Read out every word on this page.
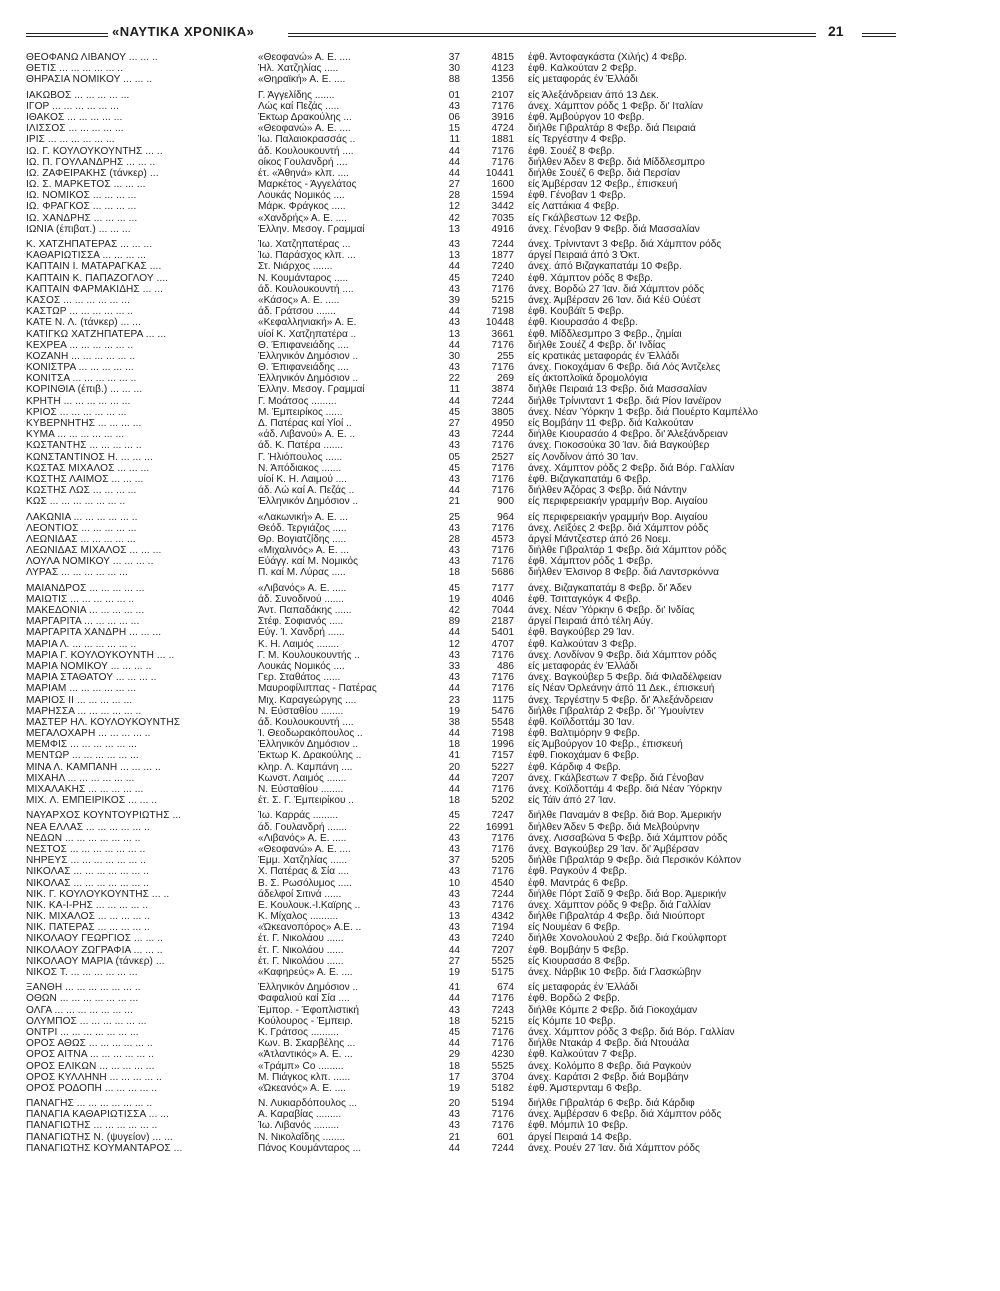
«ΝΑΥΤΙΚΑ ΧΡΟΝΙΚΑ»	21
ΘΕΟΦΑΝΩ ΛΙΒΑΝΟΥ ... ... ..	«Θεοφανώ» Α. Ε. ....	37	4815 έφθ. Άντοφαγκάστα (Χιλής) 4 Φεβρ.
ΘΕΤΙΣ ... ... ... ... ... ..	Ήλ. Χατζηλίας .....	30	4123 έφθ. Καλκούταν 2 Φεβρ.
ΘΗΡΑΣΙΑ ΝΟΜΙΚΟΥ ... ... ..	«Θηραϊκή» Α. Ε. ....	88	1356 είς μεταφοράς έν Έλλάδι
ΙΑΚΩΒΟΣ ... ... ... ... ...	Γ. Άγγελίδης .......	01	2107 είς Άλεξάνδρειαν άπό 13 Δεκ.
ΙΓΟΡ ... ... ... ... ... ...	Λώς καί Πεζάς .....	43	7176 άνεχ. Χάμπτον ρόδς 1 Φεβρ. δι' Ιταλίαν
ΙΘΑΚΟΣ ... ... ... ... ...	Έκτωρ Δρακούλης ...	06	3916 έφθ. Άμβούργον 10 Φεβρ.
ΙΛΙΣΣΟΣ ... ... ... ... ...	«Θεοφανώ» Α. Ε. ....	15	4724 διήλθε Γιβραλτάρ 8 Φεβρ. διά Πειραιά
ΙΡΙΣ ... ... ... ... ... ...	Ίω. Παλαιοκρασσάς ..	11	1881 είς Τεργέστην 4 Φεβρ.
ΙΩ. Γ. ΚΟΥΛΟΥΚΟΥΝΤΗΣ ... ..	άδ. Κουλουκουντή ....	44	7176 έφθ. Σουέζ 8 Φεβρ.
ΙΩ. Π. ΓΟΥΛΑΝΔΡΗΣ ... ... ..	οίκος Γουλανδρή ....	44	7176 διήλθεν Άδεν 8 Φεβρ. διά Μίδδλεσμπρο
ΙΩ. ΖΑΦΕΙΡΑΚΗΣ (τάνκερ) ...	έτ. «Άθηνά» κλπ. ....	44	10441 διήλθε Σουέζ 6 Φεβρ. διά Περσίαν
ΙΩ. Σ. ΜΑΡΚΕΤΟΣ ... ... ...	Μαρκέτος - Άγγελάτος	27	1600 είς Άμβέρσαν 12 Φεβρ., έπισκευή
ΙΩ. ΝΟΜΙΚΟΣ ... ... ... ...	Λουκάς Νομικός ....	28	1594 έφθ. Γένοβαν 1 Φεβρ.
ΙΩ. ΦΡΑΓΚΟΣ ... ... ... ...	Μάρκ. Φράγκος .....	12	3442 είς Λαττάκια 4 Φεβρ.
ΙΩ. ΧΑΝΔΡΗΣ ... ... ... ...	«Χανδρής» Α. Ε. ....	42	7035 είς Γκάλβεστων 12 Φεβρ.
ΙΩΝΙΑ (έπιβατ.) ... ... ...	Έλλην. Μεσογ. Γραμμαί	13	4916 άνεχ. Γένοβαν 9 Φεβρ. διά Μασσαλίαν
Κ. ΧΑΤΖΗΠΑΤΕΡΑΣ ... ... ...	Ίω. Χατζηπατέρας ...	43	7244 άνεχ. Τρίνινταντ 3 Φεβρ. διά Χάμπτον ρόδς
ΚΑΘΑΡΙΩΤΙΣΣΑ ... ... ... ...	Ίω. Παράσχος κλπ. ...	13	1877 άργεί Πειραιά άπό 3 Όκτ.
ΚΑΠΤΑΙΝ Ι. ΜΑΤΑΡΑΓΚΑΣ ....	Στ. Νιάρχος .......	44	7240 άνεχ. άπό Βιζαγκαπατάμ 10 Φεβρ.
ΚΑΠΤΑΙΝ Κ. ΠΑΠΑΖΟΓΛΟΥ ....	Ν. Κουμάνταρος .....	45	7240 έφθ. Χάμπτον ρόδς 8 Φεβρ.
ΚΑΠΤΑΙΝ ΦΑΡΜΑΚΙΔΗΣ ... ...	άδ. Κουλουκουντή ....	43	7176 άνεχ. Βορδώ 27 Ίαν. διά Χάμπτον ρόδς
ΚΑΣΟΣ ... ... ... ... ... ...	«Κάσος» Α. Ε. .....	39	5215 άνεχ. Άμβέρσαν 26 Ίαν. διά Κέϋ Ούέστ
ΚΑΣΤΩΡ ... ... ... ... ... ..	άδ. Γράτσου .......	44	7198 έφθ. Κουβάϊτ 5 Φεβρ.
ΚΑΤΕ Ν. Λ. (τάνκερ) ... ...	«Κεφαλληνιακή» Α. Ε.	43	10448 έφθ. Κιουρασάο 4 Φεβρ.
ΚΑΤΙΓΚΩ ΧΑΤΖΗΠΑΤΕΡΑ ... ...	υίοί Κ. Χατζηπατέρα ..	13	3661 έφθ. Μίδδλεσμπρο 3 Φεβρ., ζημίαι
ΚΕΧΡΕΑ ... ... ... ... ... ..	Θ. Έπιφανειάδης ....	44	7176 διήλθε Σουέζ 4 Φεβρ. δι' Ινδίας
ΚΟΖΑΝΗ ... ... ... ... ... ..	Έλληνικόν Δημόσιον ..	30	255 είς κρατικάς μεταφοράς έν Έλλάδι
ΚΟΝΙΣΤΡΑ ... ... ... ... ...	Θ. Έπιφανειάδης ....	43	7176 άνεχ. Γιοκοχάμαν 6 Φεβρ. διά Λός Άντζελες
ΚΟΝΙΤΣΑ ... ... ... ... ... ..	Έλληνικόν Δημόσιον ..	22	269 είς άκτοπλοϊκά δρομολόγια
ΚΟΡΙΝΘΙΑ (έπιβ.) ... ... ...	Έλλην. Μεσογ. Γραμμαί	11	3874 διήλθε Πειραιά 13 Φεβρ. διά Μασσαλίαν
ΚΡΗΤΗ ... ... ... ... ... ...	Γ. Μοάτσος .........	44	7244 διήλθε Τρίνινταντ 1 Φεβρ. διά Ρίον Ιανέϊρον
ΚΡΙΟΣ ... ... ... ... ... ...	Μ. Έμπειρίκος ......	45	3805 άνεχ. Νέαν Ύόρκην 1 Φεβρ. διά Πουέρτο Καμπέλλο
ΚΥΒΕΡΝΗΤΗΣ ... ... ... ...	Δ. Πατέρας καί Υίοί ..	27	4950 είς Βομβάην 11 Φεβρ. διά Καλκούταν
ΚΥΜΑ ... ... ... ... ... ...	«άδ. Λιβανού» Α. Ε. ..	43	7244 διήλθε Κιουρασάο 4 Φεβρο. δι' Άλεξάνδρειαν
ΚΩΣΤΑΝΤΗΣ ... ... ... ... ..	άδ. Κ. Πατέρα .......	43	7176 άνεχ. Γιοκοσούκα 30 Ίαν. διά Βαγκούβερ
ΚΩΝΣΤΑΝΤΙΝΟΣ Η. ... ... ...	Γ. Ήλιόπουλος ......	05	2527 είς Λονδίνον άπό 30 Ίαν.
ΚΩΣΤΑΣ ΜΙΧΑΛΟΣ ... ... ...	Ν. Άπόδιακος .......	45	7176 άνεχ. Χάμπτον ρόδς 2 Φεβρ. διά Βόρ. Γαλλίαν
ΚΩΣΤΗΣ ΛΑΙΜΟΣ ... ... ...	υίοί Κ. Η. Λαιμού ....	43	7176 έφθ. Βιζαγκαπατάμ 6 Φεβρ.
ΚΩΣΤΗΣ ΛΩΣ ... ... ... ...	άδ. Λώ καί Α. Πεζάς ..	44	7176 διήλθεν Άζόρας 3 Φεβρ. διά Νάντην
ΚΩΣ ... ... ... ... ... ... ..	Έλληνικόν Δημόσιον ..	21	900 είς περιφερειακήν γραμμήν Βορ. Αιγαίου
ΛΑΚΩΝΙΑ ... ... ... ... ... ..	«Λακωνική» Α. Ε. ...	25	964 είς περιφερειακήν γραμμήν Βορ. Αιγαίου
ΛΕΟΝΤΙΟΣ ... ... ... ... ...	Θεόδ. Τεργιάζος .....	43	7176 άνεχ. Λεϊξόες 2 Φεβρ. διά Χάμπτον ρόδς
ΛΕΩΝΙΔΑΣ ... ... ... ... ...	Θρ. Βογιατζίδης .....	28	4573 άργεί Μάντζεστερ άπό 26 Νοεμ.
ΛΕΩΝΙΔΑΣ ΜΙΧΑΛΟΣ ... ... ...	«Μιχαλινός» Α. Ε. ...	43	7176 διήλθε Γιβραλτάρ 1 Φεβρ. διά Χάμπτον ρόδς
ΛΟΥΛΑ ΝΟΜΙΚΟΥ ... ... ... ..	Εύάγγ. καί Μ. Νομικός	43	7176 έφθ. Χάμπτον ρόδς 1 Φεβρ.
ΛΥΡΑΣ ... ... ... ... ... ...	Π. καί Μ. Λύρας .....	18	5686 διήλθεν Έλσινορ 8 Φεβρ. διά Λαντσρκόννα
ΜΑΙΑΝΔΡΟΣ ... ... ... ... ...	«Λιβανός» Α. Ε. .....	45	7177 άνεχ. Βιζαγκαπατάμ 8 Φεβρ. δι' Άδεν
ΜΑΙΩΤΙΣ ... ... ... ... ... ..	άδ. Συνοδινού .......	19	4046 έφθ. Τσιτταγκόγκ 4 Φεβρ.
ΜΑΚΕΔΟΝΙΑ ... ... ... ... ...	Άντ. Παπαδάκης ......	42	7044 άνεχ. Νέαν Ύόρκην 6 Φεβρ. δι' Ινδίας
ΜΑΡΓΑΡΙΤΑ ... ... ... ... ...	Στέφ. Σοφιανός .....	89	2187 άργεί Πειραιά άπό τέλη Αύγ.
ΜΑΡΓΑΡΙΤΑ ΧΑΝΔΡΗ ... ... ...	Εύγ. Ί. Χανδρή ......	44	5401 έφθ. Βαγκούβερ 29 Ίαν.
ΜΑΡΙΑ Λ. ... ... ... ... ... ..	Κ. Η. Λαιμός ........	12	4707 έφθ. Καλκούταν 3 Φεβρ.
ΜΑΡΙΑ Γ. ΚΟΥΛΟΥΚΟΥΝΤΗ ... ..	Γ. Μ. Κουλουκουντής ..	43	7176 άνεχ. Λονδίνον 9 Φεβρ. διά Χάμπτον ρόδς
ΜΑΡΙΑ ΝΟΜΙΚΟΥ ... ... ... ..	Λουκάς Νομικός ....	33	486 είς μεταφοράς έν Έλλάδι
ΜΑΡΙΑ ΣΤΑΘΑΤΟΥ ... ... ... ..	Γερ. Σταθάτος ......	43	7176 άνεχ. Βαγκούβερ 5 Φεβρ. διά Φιλαδέλφειαν
ΜΑΡΙΑΜ ... ... ... ... ... ...	Μαυροφίλιππας - Πατέρας	44	7176 είς Νέαν Όρλεάνην άπό 11 Δεκ., έπισκευή
ΜΑΡΙΟΣ ΙΙ ... ... ... ... ...	Μιχ. Καραγεώργης ....	23	1175 άνεχ. Τεργέστην 5 Φεβρ. δι' Άλεξάνδρειαν
ΜΑΡΗΣΣΑ ... ... ... ... ... ..	Ν. Εύσταθίου ........	19	5476 διήλθε Γιβραλτάρ 2 Φεβρ. δι' Ύμουίντεν
ΜΑΣΤΕΡ ΗΛ. ΚΟΥΛΟΥΚΟΥΝΤΗΣ	άδ. Κουλουκουντή ....	38	5548 έφθ. Κοϊλδοττάμ 30 Ίαν.
ΜΕΓΑΛΟΧΑΡΗ ... ... ... ... ..	Ί. Θεοδωρακόπουλος ..	44	7198 έφθ. Βαλτιμόρην 9 Φεβρ.
ΜΕΜΦΙΣ ... ... ... ... ... ...	Έλληνικόν Δημόσιον ..	18	1996 είς Άμβούργον 10 Φεβρ., έπισκευή
ΜΕΝΤΩΡ ... ... ... ... ... ...	Έκτωρ Κ. Δρακούλης ..	41	7157 έφθ. Γιοκοχάμαν 6 Φεβρ.
ΜΙΝΑ Λ. ΚΑΜΠΑΝΗ ... ... ... ..	κληρ. Λ. Καμπάνη ....	20	5227 έφθ. Κάρδιφ 4 Φεβρ.
ΜΙΧΑΗΛ ... ... ... ... ... ...	Κωνστ. Λαιμός .......	44	7207 άνεχ. Γκάλβεστων 7 Φεβρ. διά Γένοβαν
ΜΙΧΑΛΑΚΗΣ ... ... ... ... ...	Ν. Εύσταθίου ........	44	7176 άνεχ. Κοϊλδοττάμ 4 Φεβρ. διά Νέαν Ύόρκην
ΜΙΧ. Λ. ΕΜΠΕΙΡΙΚΟΣ ... ... ..	έτ. Σ. Γ. Έμπειρίκου ..	18	5202 είς Τάϊν άπό 27 Ίαν.
ΝΑΥΑΡΧΟΣ ΚΟΥΝΤΟΥΡΙΩΤΗΣ ...	Ίω. Καρράς .........	45	7247 διήλθε Παναμάν 8 Φεβρ. διά Βορ. Άμερικήν
ΝΕΑ ΕΛΛΑΣ ... ... ... ... ... ..	άδ. Γουλανδρή .......	22	16991 διήλθεν Άδεν 5 Φεβρ. διά Μελβούρνην
ΝΕΔΩΝ ... ... ... ... ... ... ..	«Λιβανός» Α. Ε. .....	43	7176 άνεχ. Λισσαβώνα 5 Φεβρ. διά Χάμπτον ρόδς
ΝΕΣΤΟΣ ... ... ... ... ... ... ..	«Θεοφανώ» Α. Ε. ....	43	7176 άνεχ. Βαγκούβερ 29 Ίαν. δι' Άμβέρσαν
ΝΗΡΕΥΣ ... ... ... ... ... ... ..	Έμμ. Χατζηλίας ......	37	5205 διήλθε Γιβραλτάρ 9 Φεβρ. διά Περσικόν Κόλπον
ΝΙΚΟΛΑΣ ... ... ... ... ... ... ..	Χ. Πατέρας & Σία ....	43	7176 έφθ. Ραγκούν 4 Φεβρ.
ΝΙΚΟΛΑΣ ... ... ... ... ... ... ..	Β. Σ. Ρωσόλυμος .....	10	4540 έφθ. Μαντράς 6 Φεβρ.
ΝΙΚ. Γ. ΚΟΥΛΟΥΚΟΥΝΤΗΣ ... ..	άδελφοί Σιτινά ......	43	7244 διήλθε Πόρτ Σαϊδ 9 Φεβρ. διά Βορ. Άμερικήν
ΝΙΚ. ΚΑ-Ι-ΡΗΣ ... ... ... ... ..	Ε. Κουλουκ.-Ι.Καϊρης ..	43	7176 άνεχ. Χάμπτον ρόδς 9 Φεβρ. διά Γαλλίαν
ΝΙΚ. ΜΙΧΑΛΟΣ ... ... ... ... ..	Κ. Μίχαλος ..........	13	4342 διήλθε Γιβραλτάρ 4 Φεβρ. διά Νιούπορτ
ΝΙΚ. ΠΑΤΕΡΑΣ ... ... ... ... ..	«Ώκεανοπόρος» Α.Ε. ..	43	7194 είς Νουμέαν 6 Φεβρ.
ΝΙΚΟΛΑΟΥ ΓΕΩΡΓΙΟΣ ... ... ..	έτ. Γ. Νικολάου ......	43	7240 διήλθε Χονολουλού 2 Φεβρ. διά Γκούλφπορτ
ΝΙΚΟΛΑΟΥ ΖΩΓΡΑΦΙΑ ... ... ..	έτ. Γ. Νικολάου ......	44	7207 έφθ. Βομβάην 5 Φεβρ.
ΝΙΚΟΛΑΟΥ ΜΑΡΙΑ (τάνκερ) ...	έτ. Γ. Νικολάου ......	27	5525 είς Κιουρασάο 8 Φεβρ.
ΝΙΚΟΣ Τ. ... ... ... ... ... ...	«Καφηρεύς» Α. Ε. ....	19	5175 άνεχ. Νάρβικ 10 Φεβρ. διά Γλασκώβην
ΞΑΝΘΗ ... ... ... ... ... ... ..	Έλληνικόν Δημόσιον ..	41	674 είς μεταφοράς έν Έλλάδι
ΟΘΩΝ ... ... ... ... ... ... ...	Φαφαλιού καί Σία ....	44	7176 έφθ. Βορδώ 2 Φεβρ.
ΟΛΓΑ ... ... ... ... ... ... ...	Έμπορ. - Έφοπλιστική	43	7243 διήλθε Κόμπε 2 Φεβρ. διά Γιοκοχάμαν
ΟΛΥΜΠΟΣ ... ... ... ... ... ...	Κούλουρος - Έμπειρ.	18	5215 είς Κόμπε 10 Φεβρ.
ΟΝΤΡΙ ... ... ... ... ... ... ...	Κ. Γράτσος ..........	45	7176 άνεχ. Χάμπτον ρόδς 3 Φεβρ. διά Βόρ. Γαλλίαν
ΟΡΟΣ ΑΘΩΣ ... ... ... ... ... ..	Κων. Β. Σκαρβέλης ...	44	7176 διήλθε Ντακάρ 4 Φεβρ. διά Ντουάλα
ΟΡΟΣ ΑΙΤΝΑ ... ... ... ... ... ..	«Άτλαντικός» Α. Ε. ...	29	4230 έφθ. Καλκούταν 7 Φεβρ.
ΟΡΟΣ ΕΛΙΚΩΝ ... ... ... ... ...	«Τράμπ» Co .........	18	5525 άνεχ. Κολόμπο 8 Φεβρ. διά Ραγκούν
ΟΡΟΣ ΚΥΛΛΗΝΗ ... ... ... ... ..	Μ. Πιάγκος κλπ. ......	17	3704 άνεχ. Καράτσι 2 Φεβρ. διά Βομβάην
ΟΡΟΣ ΡΟΔΟΠΗ ... ... ... ... ..	«Ώκεανός» Α. Ε. ....	19	5182 έφθ. Άμστερνταμ 6 Φεβρ.
ΠΑΝΑΓΗΣ ... ... ... ... ... ... ..	Ν. Λυκιαρδόπουλος ...	20	5194 διήλθε Γιβραλτάρ 6 Φεβρ. διά Κάρδιφ
ΠΑΝΑΓΙΑ ΚΑΘΑΡΙΩΤΙΣΣΑ ... ...	Α. Καραβίας .........	43	7176 άνεχ. Άμβέρσαν 6 Φεβρ. διά Χάμπτον ρόδς
ΠΑΝΑΓΙΩΤΗΣ ... ... ... ... ... ..	Ίω. Λιβανός .........	43	7176 έφθ. Μόμπιλ 10 Φεβρ.
ΠΑΝΑΓΙΩΤΗΣ Ν. (ψυγείον) ... ...	Ν. Νικολαΐδης ........	21	601 άργεί Πειραιά 14 Φεβρ.
ΠΑΝΑΓΙΩΤΗΣ ΚΟΥΜΑΝΤΑΡΟΣ ...	Πάνος Κουμάνταρος ...	44	7244 άνεχ. Ρουέν 27 Ίαν. διά Χάμπτον ρόδς
